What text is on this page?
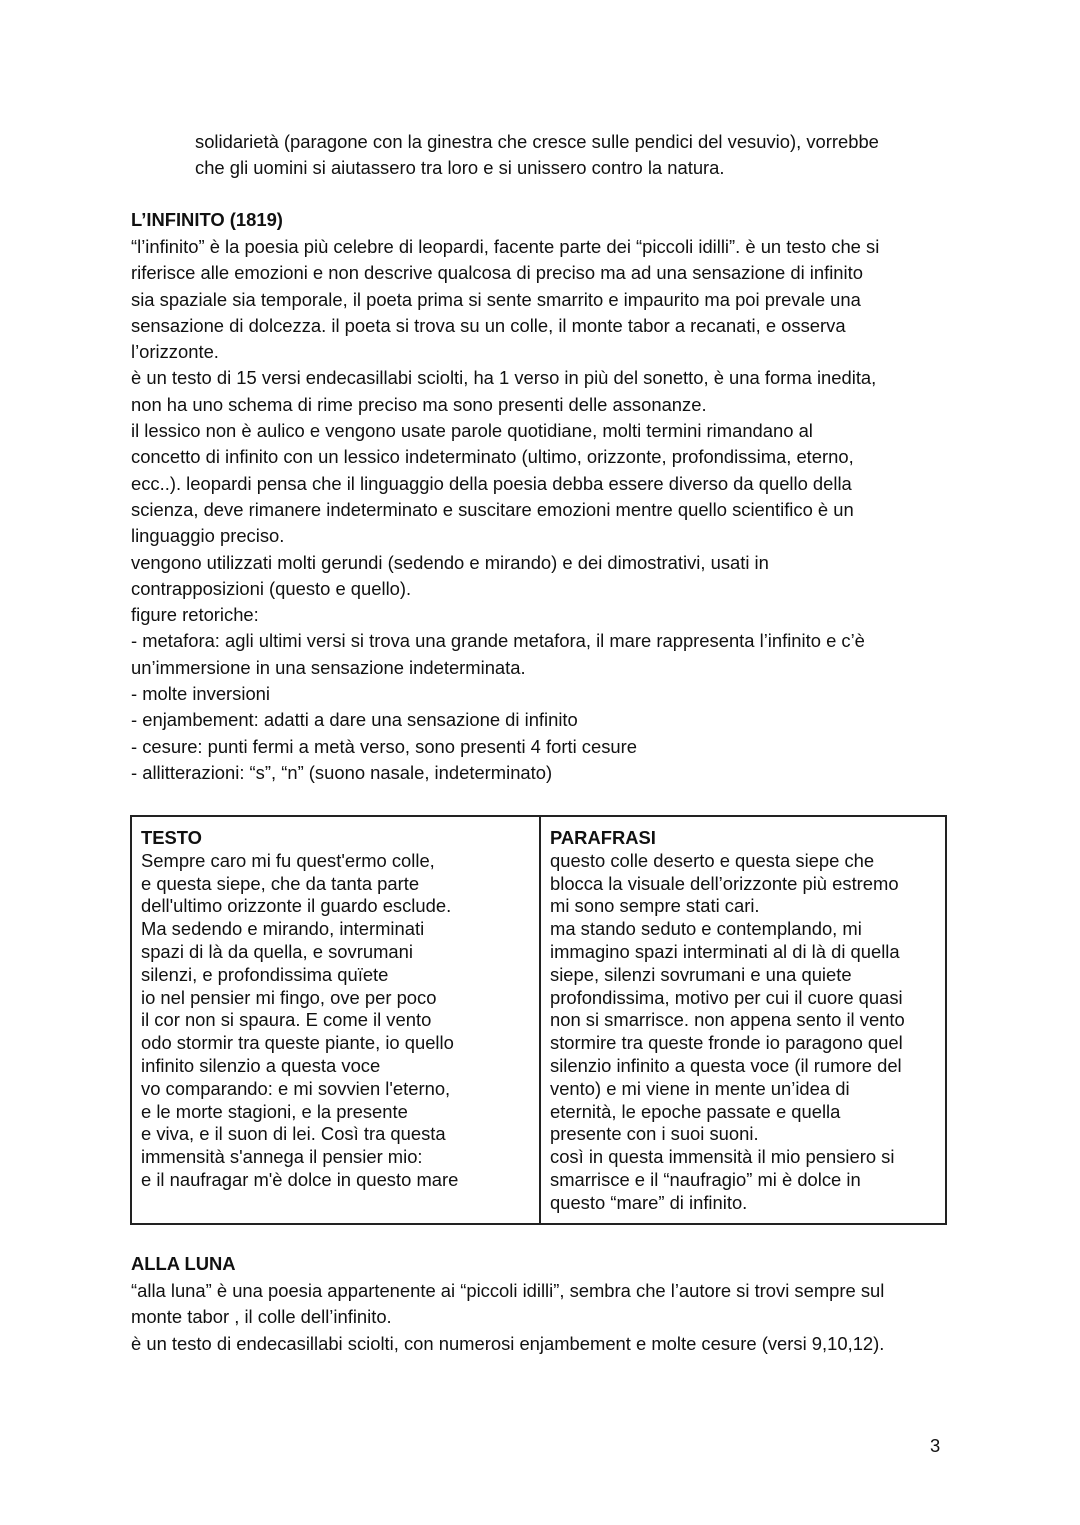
solidarietà (paragone con la ginestra che cresce sulle pendici del vesuvio), vorrebbe
che gli uomini si aiutassero tra loro e si unissero contro la natura.

L’INFINITO (1819)

“l’infinito” è la poesia più celebre di leopardi, facente parte dei “piccoli idilli”. è un testo che si
riferisce alle emozioni e non descrive qualcosa di preciso ma ad una sensazione di infinito
sia spaziale sia temporale, il poeta prima si sente smarrito e impaurito ma poi prevale una
sensazione di dolcezza. il poeta si trova su un colle, il monte tabor a recanati, e osserva
l’orizzonte.
è un testo di 15 versi endecasillabi sciolti, ha 1 verso in più del sonetto, è una forma inedita,
non ha uno schema di rime preciso ma sono presenti delle assonanze.
il lessico non è aulico e vengono usate parole quotidiane, molti termini rimandano al
concetto di infinito con un lessico indeterminato (ultimo, orizzonte, profondissima, eterno,
ecc..). leopardi pensa che il linguaggio della poesia debba essere diverso da quello della
scienza, deve rimanere indeterminato e suscitare emozioni mentre quello scientifico è un
linguaggio preciso.
vengono utilizzati molti gerundi (sedendo e mirando) e dei dimostrativi, usati in
contrapposizioni (questo e quello).
figure retoriche:
- metafora: agli ultimi versi si trova una grande metafora, il mare rappresenta l’infinito e c’è
un’immersione in una sensazione indeterminata.
- molte inversioni
- enjambement: adatti a dare una sensazione di infinito
- cesure: punti fermi a metà verso, sono presenti 4 forti cesure
- allitterazioni: “s”, “n” (suono nasale, indeterminato)
TESTO
Sempre caro mi fu quest'ermo colle,
e questa siepe, che da tanta parte
dell'ultimo orizzonte il guardo esclude.
Ma sedendo e mirando, interminati
spazi di là da quella, e sovrumani
silenzi, e profondissima quïete
io nel pensier mi fingo, ove per poco
il cor non si spaura. E come il vento
odo stormir tra queste piante, io quello
infinito silenzio a questa voce
vo comparando: e mi sovvien l'eterno,
e le morte stagioni, e la presente
e viva, e il suon di lei. Così tra questa
immensità s'annega il pensier mio:
e il naufragar m'è dolce in questo mare
PARAFRASI
questo colle deserto e questa siepe che
blocca la visuale dell’orizzonte più estremo
mi sono sempre stati cari.
ma stando seduto e contemplando, mi
immagino spazi interminati al di là di quella
siepe, silenzi sovrumani e una quiete
profondissima, motivo per cui il cuore quasi
non si smarrisce. non appena sento il vento
stormire tra queste fronde io paragono quel
silenzio infinito a questa voce (il rumore del
vento) e mi viene in mente un’idea di
eternità, le epoche passate e quella
presente con i suoi suoni.
così in questa immensità il mio pensiero si
smarrisce e il “naufragio” mi è dolce in
questo “mare” di infinito.

ALLA LUNA

“alla luna” è una poesia appartenente ai “piccoli idilli”, sembra che l’autore si trovi sempre sul
monte tabor , il colle dell’infinito.
è un testo di endecasillabi sciolti, con numerosi enjambement e molte cesure (versi 9,10,12).
3
